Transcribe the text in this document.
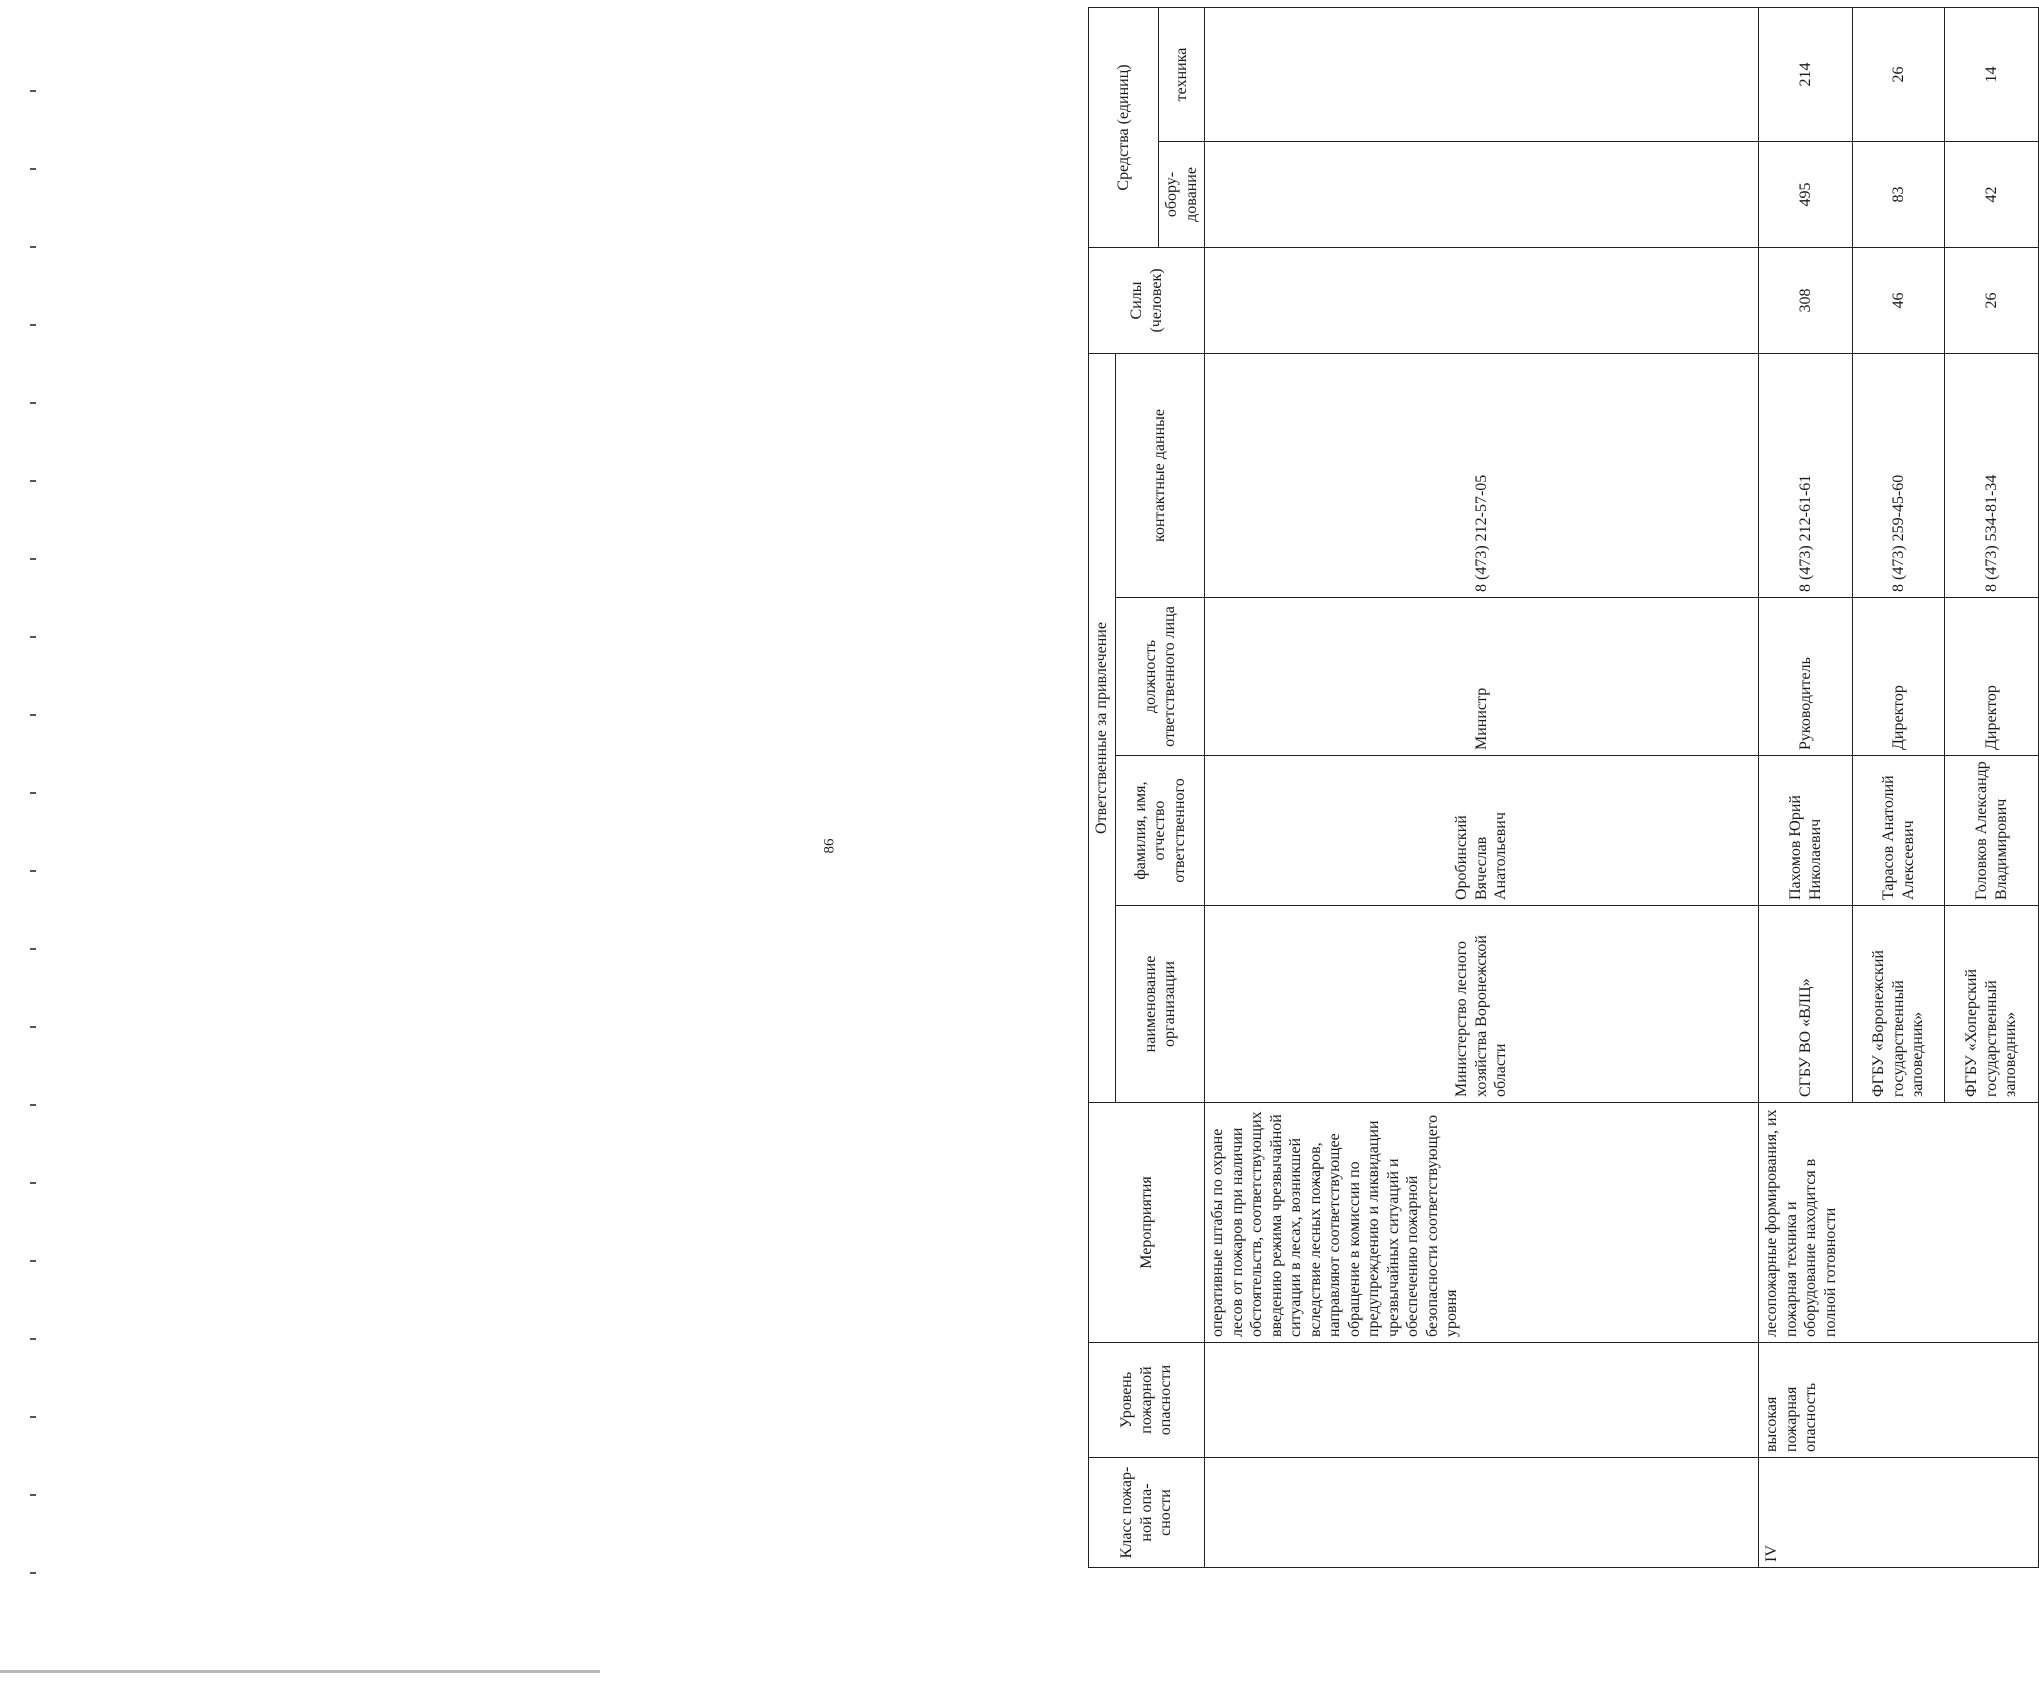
86
Класс пожар-ной опа-сности	Уровень пожарной опасности	Мероприятия	Ответственные за привлечение				Силы (человек)	Средства (единиц)	
			наименование организации	фамилия, имя, отчество ответственного	должность ответственного лица	контактные данные			
								обору-дование	техника
		оперативные штабы по охране лесов от пожаров при наличии обстоятельств, соответствующих введению режима чрезвычайной ситуации в лесах, возникшей вследствие лесных пожаров, направляют соответствующее обращение в комиссии по предупреждению и ликвидации чрезвычайных ситуаций и обеспечению пожарной безопасности соответствующего уровня	Министерство лесного хозяйства Воронежской области	Оробинский Вячеслав Анатольевич	Министр	8 (473) 212-57-05			
IV	высокая пожарная опасность	лесопожарные формирования, их пожарная техника и оборудование находится в полной готовности	СГБУ ВО «ВЛЦ»	Пахомов Юрий Николаевич	Руководитель	8 (473) 212-61-61	308	495	214
			ФГБУ «Воронежский государственный заповедник»	Тарасов Анатолий Алексеевич	Директор	8 (473) 259-45-60	46	83	26
			ФГБУ «Хоперский государственный заповедник»	Головков Александр Владимирович	Директор	8 (473) 534-81-34	26	42	14
